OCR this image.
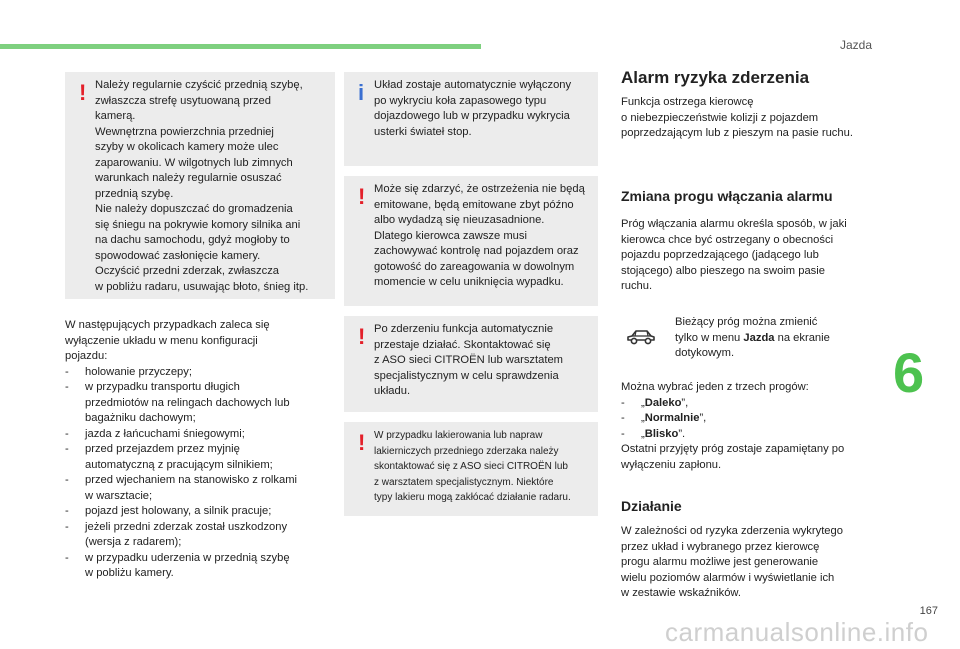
Jazda
6
167
carmanualsonline.info
! Należy regularnie czyścić przednią szybę,
zwłaszcza strefę usytuowaną przed
kamerą.
Wewnętrzna powierzchnia przedniej
szyby w okolicach kamery może ulec
zaparowaniu. W wilgotnych lub zimnych
warunkach należy regularnie osuszać
przednią szybę.
Nie należy dopuszczać do gromadzenia
się śniegu na pokrywie komory silnika ani
na dachu samochodu, gdyż mogłoby to
spowodować zasłonięcie kamery.
Oczyścić przedni zderzak, zwłaszcza
w pobliżu radaru, usuwając błoto, śnieg itp.
W następujących przypadkach zaleca się
wyłączenie układu w menu konfiguracji
pojazdu:
- holowanie przyczepy;
- w przypadku transportu długich
przedmiotów na relingach dachowych lub
bagażniku dachowym;
- jazda z łańcuchami śniegowymi;
- przed przejazdem przez myjnię
automatyczną z pracującym silnikiem;
- przed wjechaniem na stanowisko z rolkami
w warsztacie;
- pojazd jest holowany, a silnik pracuje;
- jeżeli przedni zderzak został uszkodzony
(wersja z radarem);
- w przypadku uderzenia w przednią szybę
w pobliżu kamery.
i Układ zostaje automatycznie wyłączony
po wykryciu koła zapasowego typu
dojazdowego lub w przypadku wykrycia
usterki świateł stop.
! Może się zdarzyć, że ostrzeżenia nie będą
emitowane, będą emitowane zbyt późno
albo wydadzą się nieuzasadnione.
Dlatego kierowca zawsze musi
zachowywać kontrolę nad pojazdem oraz
gotowość do zareagowania w dowolnym
momencie w celu uniknięcia wypadku.
! Po zderzeniu funkcja automatycznie
przestaje działać. Skontaktować się
z ASO sieci CITROËN lub warsztatem
specjalistycznym w celu sprawdzenia
układu.
! W przypadku lakierowania lub napraw
lakierniczych przedniego zderzaka należy
skontaktować się z ASO sieci CITROËN lub
z warsztatem specjalistycznym. Niektóre
typy lakieru mogą zakłócać działanie radaru.
Alarm ryzyka zderzenia
Funkcja ostrzega kierowcę
o niebezpieczeństwie kolizji z pojazdem
poprzedzającym lub z pieszym na pasie ruchu.
Zmiana progu włączania alarmu
Próg włączania alarmu określa sposób, w jaki
kierowca chce być ostrzegany o obecności
pojazdu poprzedzającego (jadącego lub
stojącego) albo pieszego na swoim pasie
ruchu.
Bieżący próg można zmienić
tylko w menu Jazda na ekranie
dotykowym.
Można wybrać jeden z trzech progów:
- „Daleko”,
- „Normalnie”,
- „Blisko”.
Ostatni przyjęty próg zostaje zapamiętany po
wyłączeniu zapłonu.
Działanie
W zależności od ryzyka zderzenia wykrytego
przez układ i wybranego przez kierowcę
progu alarmu możliwe jest generowanie
wielu poziomów alarmów i wyświetlanie ich
w zestawie wskaźników.
